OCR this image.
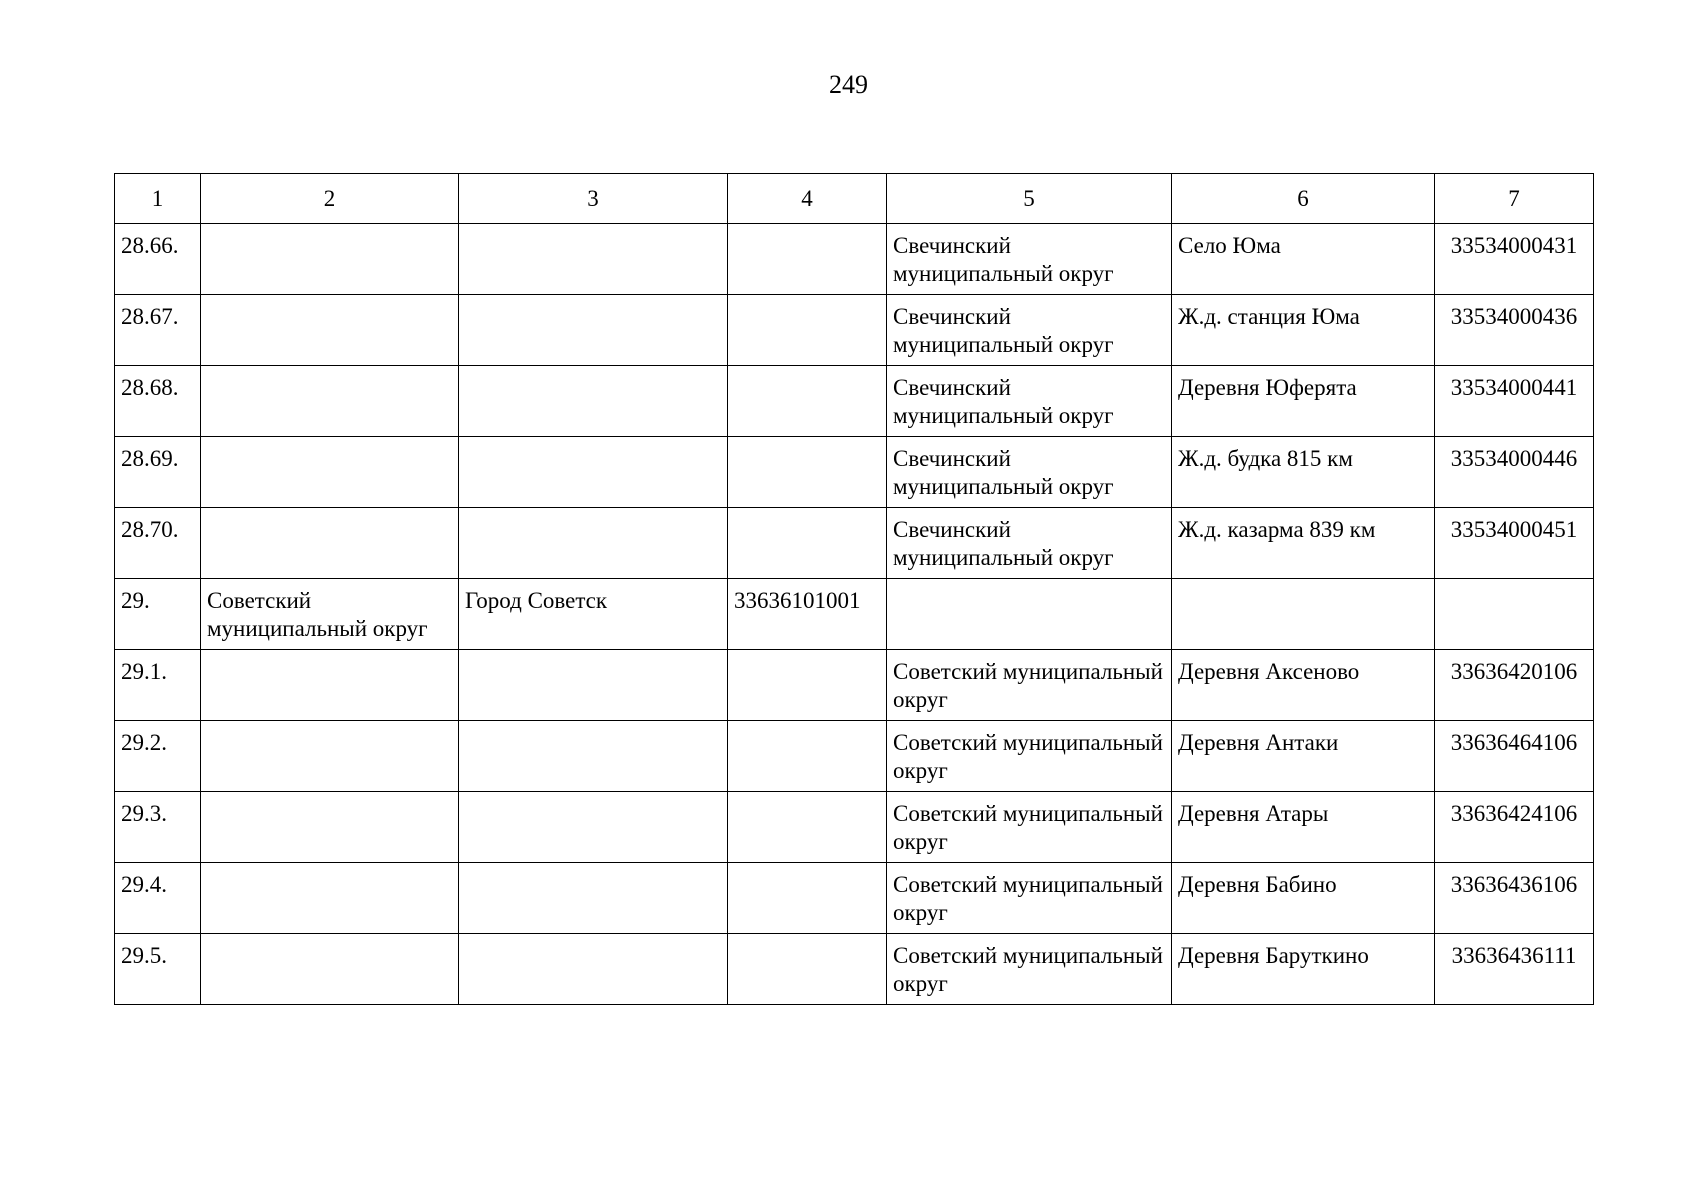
249
1	2	3	4	5	6	7
28.66.				Свечинский муниципальный округ	Село Юма	33534000431
28.67.				Свечинский муниципальный округ	Ж.д. станция Юма	33534000436
28.68.				Свечинский муниципальный округ	Деревня Юферята	33534000441
28.69.				Свечинский муниципальный округ	Ж.д. будка 815 км	33534000446
28.70.				Свечинский муниципальный округ	Ж.д. казарма 839 км	33534000451
29.	Советский муниципальный округ	Город Советск	33636101001			
29.1.				Советский муниципальный округ	Деревня Аксеново	33636420106
29.2.				Советский муниципальный округ	Деревня Антаки	33636464106
29.3.				Советский муниципальный округ	Деревня Атары	33636424106
29.4.				Советский муниципальный округ	Деревня Бабино	33636436106
29.5.				Советский муниципальный округ	Деревня Баруткино	33636436111
